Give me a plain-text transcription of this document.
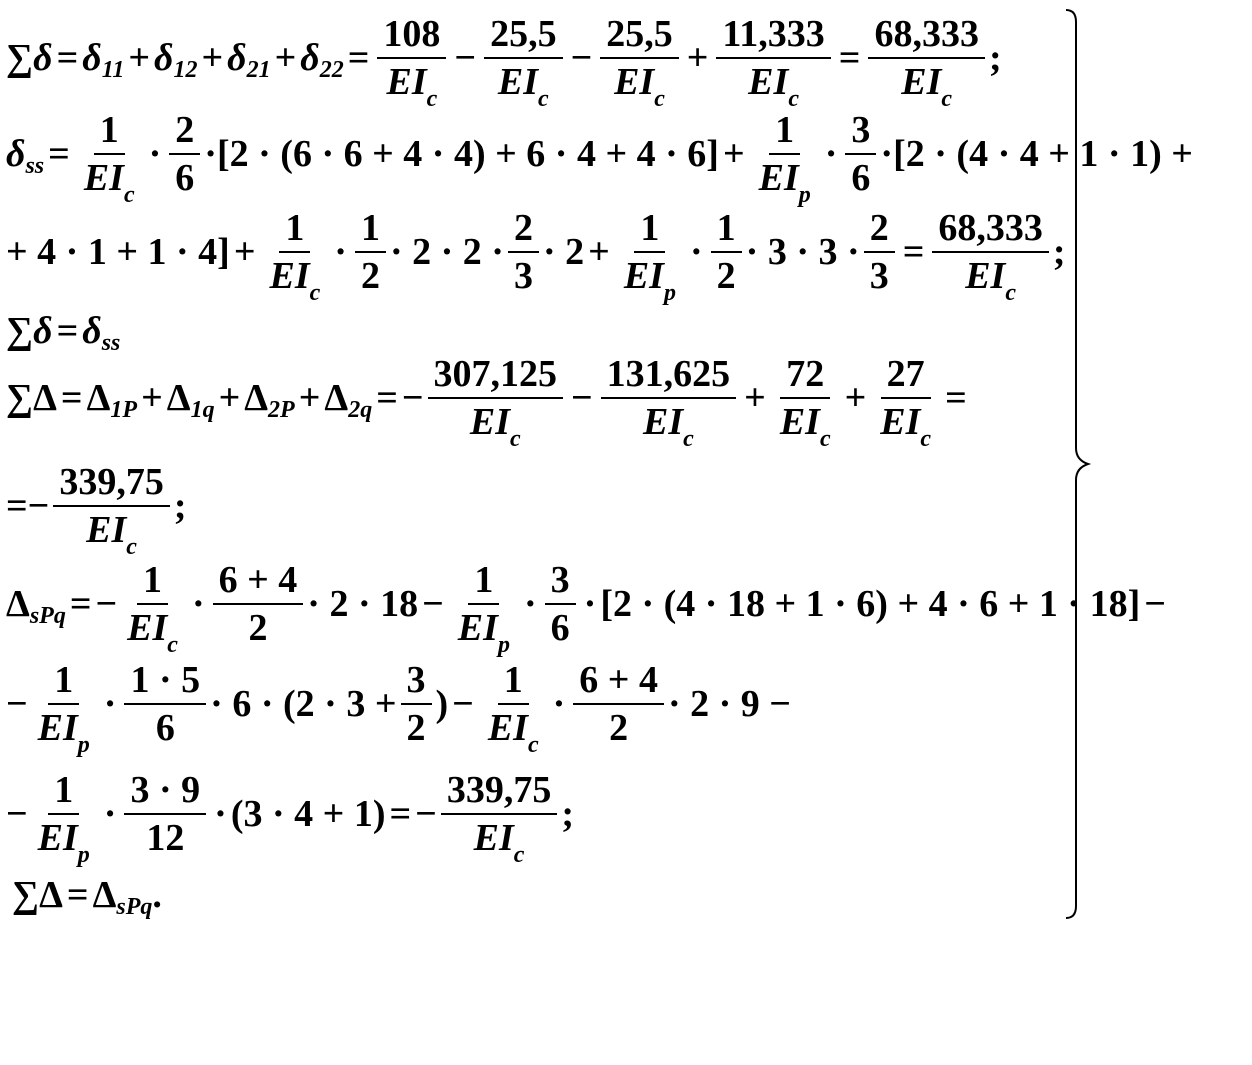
∑ δ = δ 11 + δ 12 + δ 21 + δ $22 = \frac{108}{EI_c} - \frac{25,5}{EI_c} - \frac{25,5}{EI_c} + \frac{11,333}{EI_c} = \frac{68,333}{EI_c}$ ;
δ ss = $\frac{1}{EI_c} \cdot \frac{2}{6} \cdot [2 \cdot (6 \cdot 6 + 4 \cdot 4) + 6 \cdot 4 + 4 \cdot 6] + \frac{1}{EI_p} \cdot \frac{3}{6} \cdot [2 \cdot (4 \cdot 4 + 1 \cdot 1)$ +
+ $4 \cdot 1 + 1 \cdot 4] + \frac{1}{EI_c} \cdot \frac{1}{2} \cdot 2 \cdot 2 \cdot \frac{2}{3} \cdot 2 + \frac{1}{EI_p} \cdot \frac{1}{2} \cdot 3 \cdot 3 \cdot \frac{2}{3} = \frac{68,333}{EI_c}$ ;
∑ δ = δ ss
∑ Δ = Δ 1P + Δ 1q + Δ 2P + Δ 2q = − $\frac{307,125}{EI_c} - \frac{131,625}{EI_c} + \frac{72}{EI_c} + \frac{27}{EI_c}$ =
= − $\frac{339,75}{EI_c}$ ;
Δ sPq = − $\frac{1}{EI_c} \cdot \frac{6 + 4}{2} \cdot 2 \cdot 18 - \frac{1}{EI_p} \cdot \frac{3}{6} \cdot [2 \cdot (4 \cdot 18 + 1 \cdot 6) + 4 \cdot 6 + 1 \cdot 18]$ −
− $\frac{1}{EI_p} \cdot \frac{1 \cdot 5}{6} \cdot 6 \cdot (2 \cdot 3 + \frac{3}{2}$ ) − $\frac{1}{EI_c} \cdot \frac{6 + 4}{2} \cdot 2 \cdot 9$ −
− $\frac{1}{EI_p} \cdot \frac{3 \cdot 9}{12} \cdot (3 \cdot 4 + 1)$ = − $\frac{339,75}{EI_c}$ ;
∑ Δ = Δ sPq .
